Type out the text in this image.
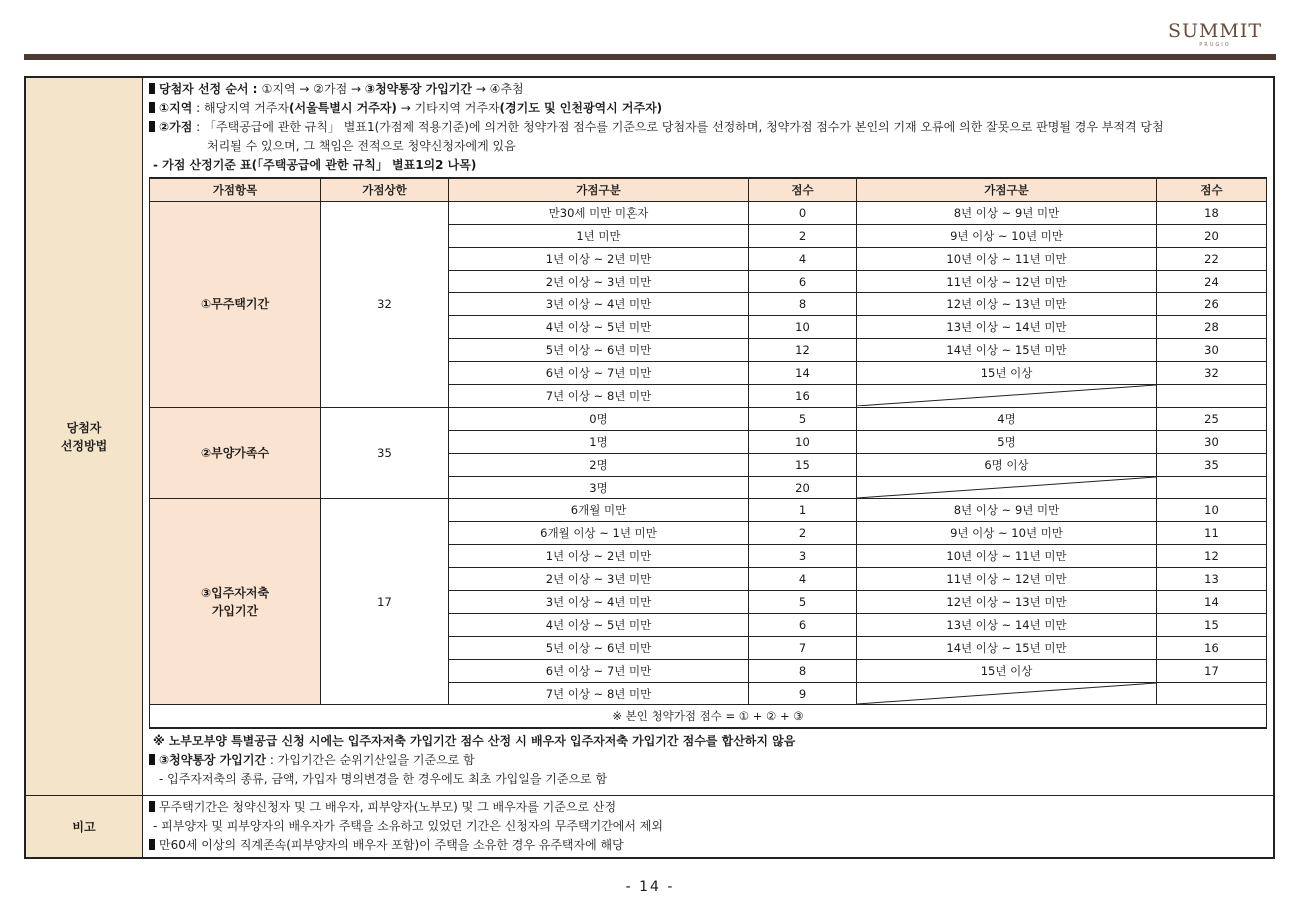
SUMMIT
PRUGIO
당첨자
선정방법

당첨자 선정 순서 : ①지역 → ②가점 → ③청약통장 가입기간 → ④추첨
①지역 : 해당지역 거주자(서울특별시 거주자) → 기타지역 거주자(경기도 및 인천광역시 거주자)
②가점 : 「주택공급에 관한 규칙」 별표1(가점제 적용기준)에 의거한 청약가점 점수를 기준으로 당첨자를 선정하며, 청약가점 점수가 본인의 기재 오류에 의한 잘못으로 판명될 경우 부적격 당첨
처리될 수 있으며, 그 책임은 전적으로 청약신청자에게 있음
- 가점 산정기준 표(「주택공급에 관한 규칙」 별표1의2 나목)
가점항목	가점상한	가점구분	점수	가점구분	점수
①무주택기간	32	만30세 미만 미혼자	0	8년 이상 ~ 9년 미만	18
1년 미만	2	9년 이상 ~ 10년 미만	20
1년 이상 ~ 2년 미만	4	10년 이상 ~ 11년 미만	22
2년 이상 ~ 3년 미만	6	11년 이상 ~ 12년 미만	24
3년 이상 ~ 4년 미만	8	12년 이상 ~ 13년 미만	26
4년 이상 ~ 5년 미만	10	13년 이상 ~ 14년 미만	28
5년 이상 ~ 6년 미만	12	14년 이상 ~ 15년 미만	30
6년 이상 ~ 7년 미만	14	15년 이상	32
7년 이상 ~ 8년 미만	16	

②부양가족수	35	0명	5	4명	25
1명	10	5명	30
2명	15	6명 이상	35
3명	20	

③입주자저축
가입기간
	17	6개월 미만	1	8년 이상 ~ 9년 미만	10
6개월 이상 ~ 1년 미만	2	9년 이상 ~ 10년 미만	11
1년 이상 ~ 2년 미만	3	10년 이상 ~ 11년 미만	12
2년 이상 ~ 3년 미만	4	11년 이상 ~ 12년 미만	13
3년 이상 ~ 4년 미만	5	12년 이상 ~ 13년 미만	14
4년 이상 ~ 5년 미만	6	13년 이상 ~ 14년 미만	15
5년 이상 ~ 6년 미만	7	14년 이상 ~ 15년 미만	16
6년 이상 ~ 7년 미만	8	15년 이상	17
7년 이상 ~ 8년 미만	9	

※ 본인 청약가점 점수 = ① + ② + ③
※ 노부모부양 특별공급 신청 시에는 입주자저축 가입기간 점수 산정 시 배우자 입주자저축 가입기간 점수를 합산하지 않음
③청약통장 가입기간 : 가입기간은 순위기산일을 기준으로 함
- 입주자저축의 종류, 금액, 가입자 명의변경을 한 경우에도 최초 가입일을 기준으로 함

비고	
무주택기간은 청약신청자 및 그 배우자, 피부양자(노부모) 및 그 배우자를 기준으로 산정
- 피부양자 및 피부양자의 배우자가 주택을 소유하고 있었던 기간은 신청자의 무주택기간에서 제외
만60세 이상의 직계존속(피부양자의 배우자 포함)이 주택을 소유한 경우 유주택자에 해당
- 14 -
